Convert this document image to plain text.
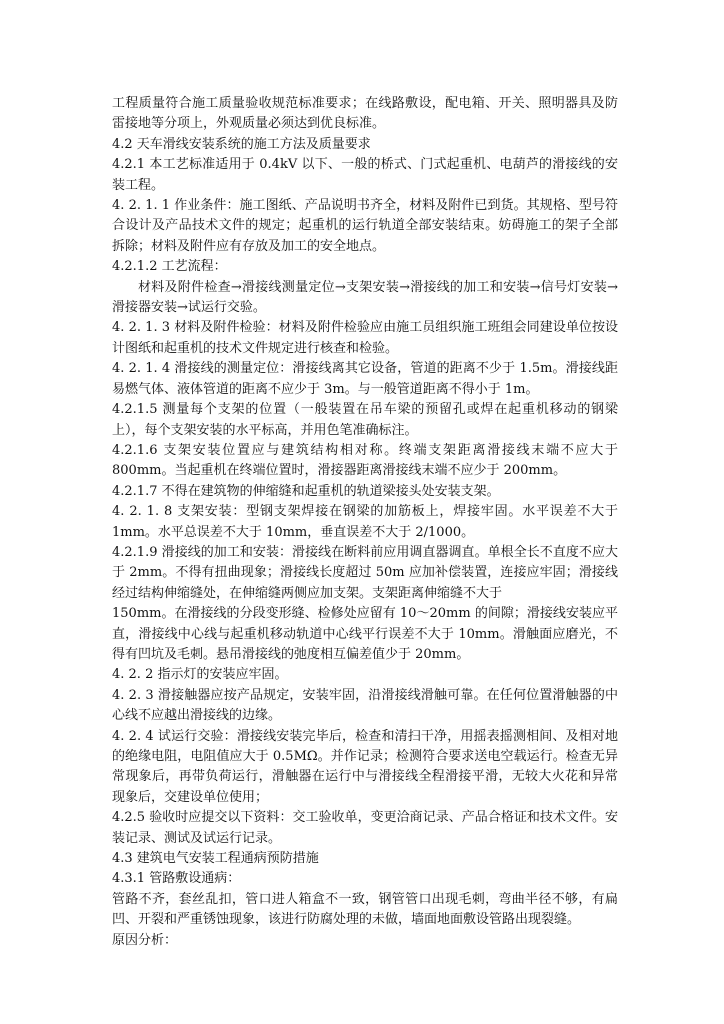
工程质量符合施工质量验收规范标准要求；在线路敷设，配电箱、开关、照明器具及防雷接地等分项上，外观质量必须达到优良标准。

4.2 天车滑线安装系统的施工方法及质量要求

4.2.1 本工艺标准适用于 0.4kV 以下、一般的桥式、门式起重机、电葫芦的滑接线的安装工程。

4. 2. 1. 1 作业条件：施工图纸、产品说明书齐全，材料及附件已到货。其规格、型号符合设计及产品技术文件的规定；起重机的运行轨道全部安装结束。妨碍施工的架子全部拆除；材料及附件应有存放及加工的安全地点。

4.2.1.2 工艺流程：

材料及附件检查→滑接线测量定位→支架安装→滑接线的加工和安装→信号灯安装→滑接器安装→试运行交验。

4. 2. 1. 3 材料及附件检验：材料及附件检验应由施工员组织施工班组会同建设单位按设计图纸和起重机的技术文件规定进行核查和检验。

4. 2. 1. 4 滑接线的测量定位：滑接线离其它设备，管道的距离不少于 1.5m。滑接线距易燃气体、液体管道的距离不应少于 3m。与一般管道距离不得小于 1m。

4.2.1.5 测量每个支架的位置（一般装置在吊车梁的预留孔或焊在起重机移动的钢梁上），每个支架安装的水平标高，并用色笔准确标注。

4.2.1.6 支架安装位置应与建筑结构相对称。终端支架距离滑接线末端不应大于 800mm。当起重机在终端位置时，滑接器距离滑接线末端不应少于 200mm。

4.2.1.7 不得在建筑物的伸缩缝和起重机的轨道梁接头处安装支架。

4. 2. 1. 8 支架安装：型钢支架焊接在钢梁的加筋板上，焊接牢固。水平误差不大于 1mm。水平总误差不大于 10mm，垂直误差不大于 2/1000。

4.2.1.9 滑接线的加工和安装：滑接线在断料前应用调直器调直。单根全长不直度不应大于 2mm。不得有扭曲现象；滑接线长度超过 50m 应加补偿装置，连接应牢固；滑接线经过结构伸缩缝处，在伸缩缝两侧应加支架。支架距离伸缩缝不大于

150mm。在滑接线的分段变形缝、检修处应留有 10～20mm 的间隙；滑接线安装应平直，滑接线中心线与起重机移动轨道中心线平行误差不大于 10mm。滑触面应磨光，不得有凹坑及毛刺。悬吊滑接线的弛度相互偏差值少于 20mm。

4. 2. 2 指示灯的安装应牢固。

4. 2. 3 滑接触器应按产品规定，安装牢固，沿滑接线滑触可靠。在任何位置滑触器的中心线不应越出滑接线的边缘。

4. 2. 4 试运行交验：滑接线安装完毕后，检查和清扫干净，用摇表摇测相间、及相对地的绝缘电阻，电阻值应大于 0.5MΩ。并作记录；检测符合要求送电空载运行。检查无异常现象后，再带负荷运行，滑触器在运行中与滑接线全程滑接平滑，无较大火花和异常现象后，交建设单位使用；

4.2.5 验收时应提交以下资料：交工验收单，变更洽商记录、产品合格证和技术文件。安装记录、测试及试运行记录。

4.3 建筑电气安装工程通病预防措施

4.3.1 管路敷设通病：

管路不齐，套丝乱扣，管口进人箱盒不一致，钢管管口出现毛刺，弯曲半径不够，有扁凹、开裂和严重锈蚀现象，该进行防腐处理的未做，墙面地面敷设管路出现裂缝。

原因分析：
